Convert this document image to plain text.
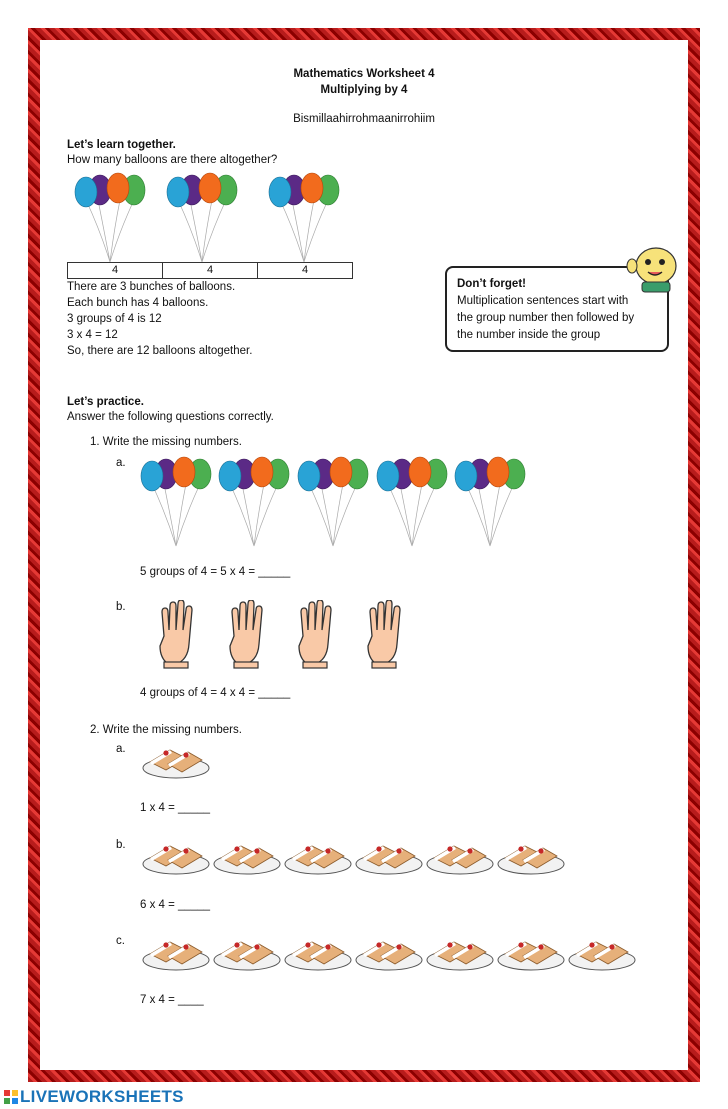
Mathematics Worksheet 4
Multiplying by 4
Bismillaahirrohmaanirrohiim
Let’s learn together.
How many balloons are there altogether?
4	4	4
There are 3 bunches of balloons.
Each bunch has 4 balloons.
3 groups of 4 is 12
3 x 4 = 12
So, there are 12 balloons altogether.

Don’t forget!

Multiplication sentences start with

the group number then followed by

the number inside the group

Let’s practice.
Answer the following questions correctly.
1. Write the missing numbers.
a.
5 groups of 4 = 5 x 4 = _____
b.
4 groups of 4 = 4 x 4 = _____
2. Write the missing numbers.
a.
1 x 4 = _____
b.
6 x 4 = _____
c.
7 x 4 = ____
LIVEWORKSHEETS
